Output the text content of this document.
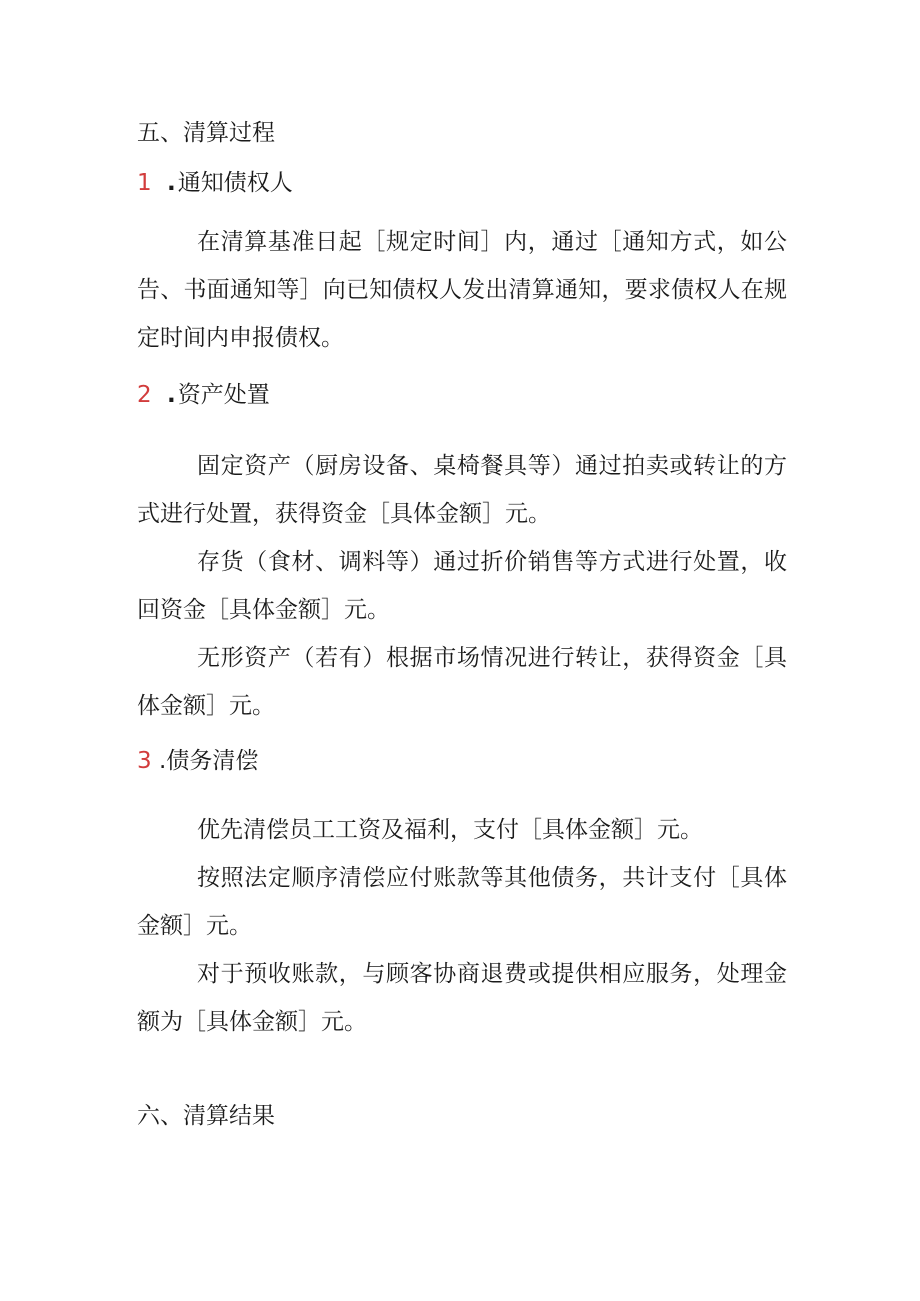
五、清算过程
1 .通知债权人

在清算基准日起［规定时间］内，通过［通知方式，如公告、书面通知等］向已知债权人发出清算通知，要求债权人在规定时间内申报债权。

2 .资产处置

固定资产（厨房设备、桌椅餐具等）通过拍卖或转让的方式进行处置，获得资金［具体金额］元。

存货（食材、调料等）通过折价销售等方式进行处置，收回资金［具体金额］元。

无形资产（若有）根据市场情况进行转让，获得资金［具体金额］元。

3 .债务清偿

优先清偿员工工资及福利，支付［具体金额］元。

按照法定顺序清偿应付账款等其他债务，共计支付［具体金额］元。

对于预收账款，与顾客协商退费或提供相应服务，处理金额为［具体金额］元。

六、清算结果
